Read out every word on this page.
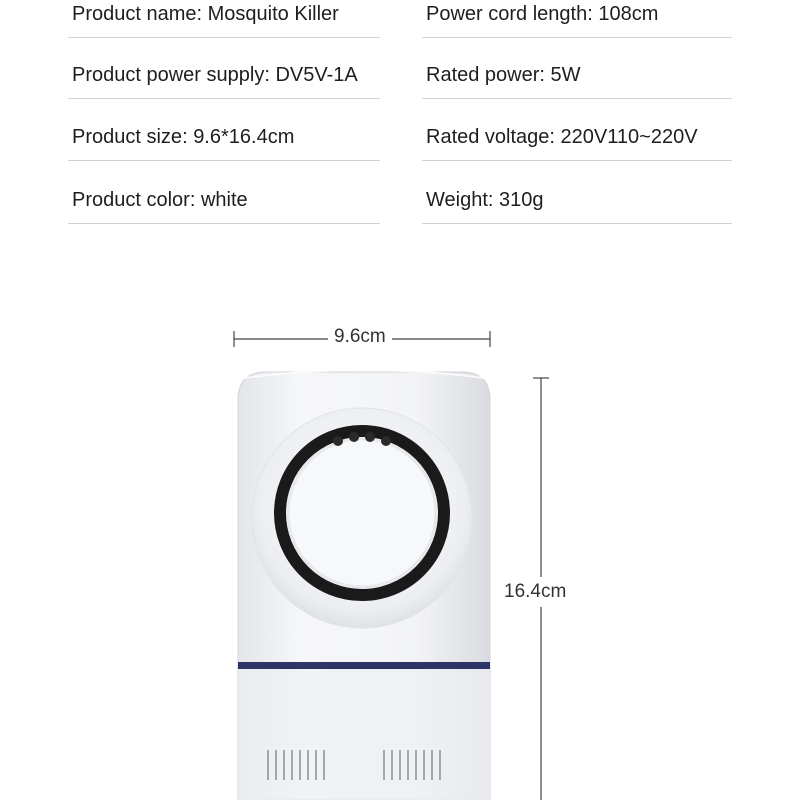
Product name: Mosquito Killer
Product power supply: DV5V-1A
Product size: 9.6*16.4cm
Product color: white
Power cord length: 108cm
Rated power: 5W
Rated voltage: 220V110~220V
Weight: 310g
9.6cm
16.4cm
